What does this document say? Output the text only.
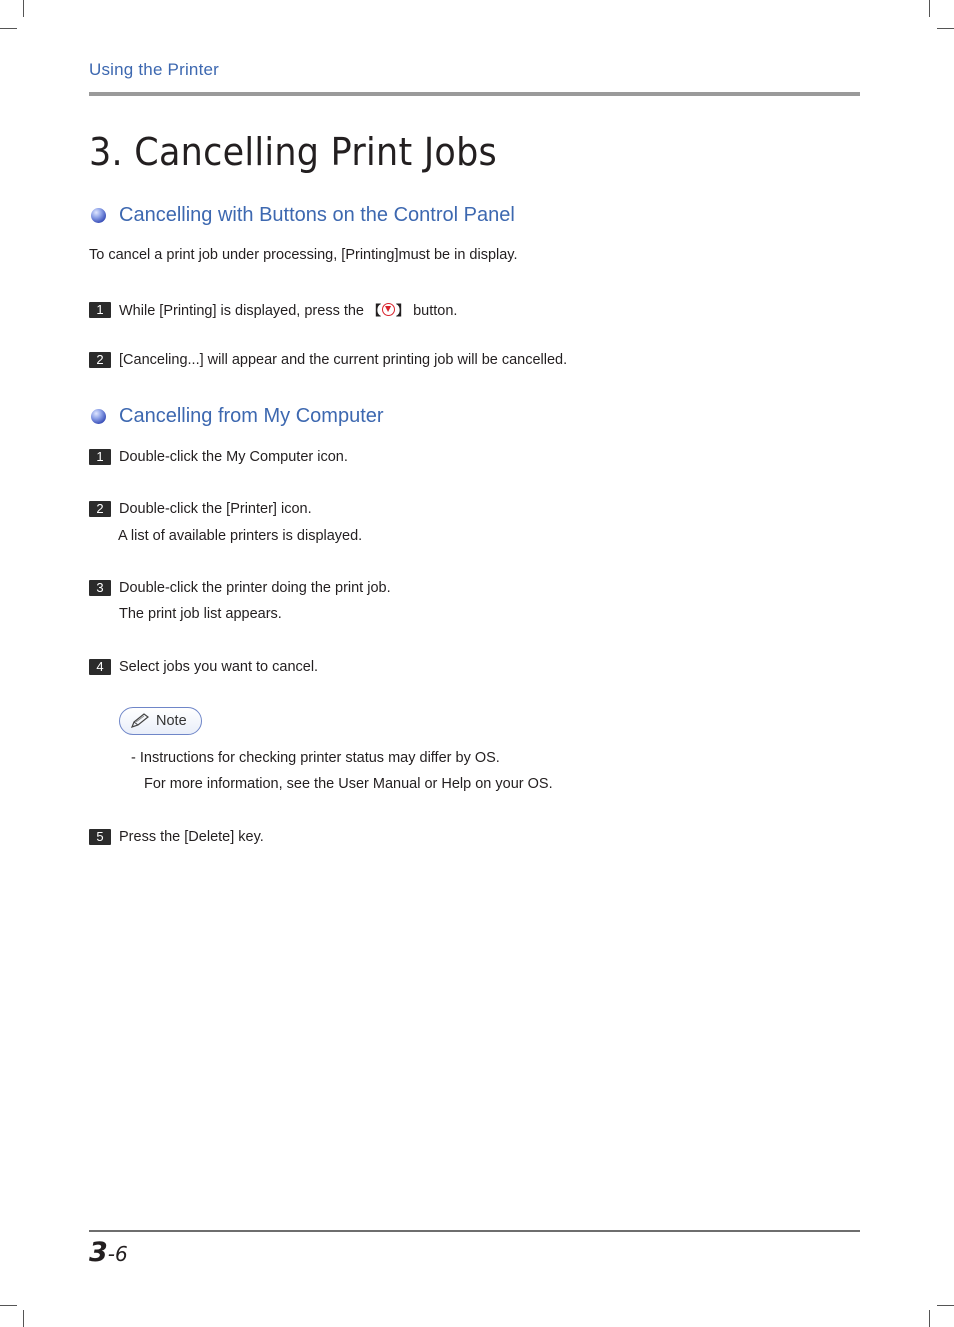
Using the Printer
3. Cancelling Print Jobs
Cancelling with Buttons on the Control Panel
To cancel a print job under processing, [Printing]must be in display.
1	While [Printing] is displayed, press the 【 】 button.
2	[Canceling...] will appear and the current printing job will be cancelled.
Cancelling from My Computer
1	Double-click the My Computer icon.
2	Double-click the [Printer] icon.
A list of available printers is displayed.
3	Double-click the printer doing the print job.
The print job list appears.
4	Select jobs you want to cancel.
Note
- Instructions for checking printer status may differ by OS.
For more information, see the User Manual or Help on your OS.
5	Press the [Delete] key.
3-6
